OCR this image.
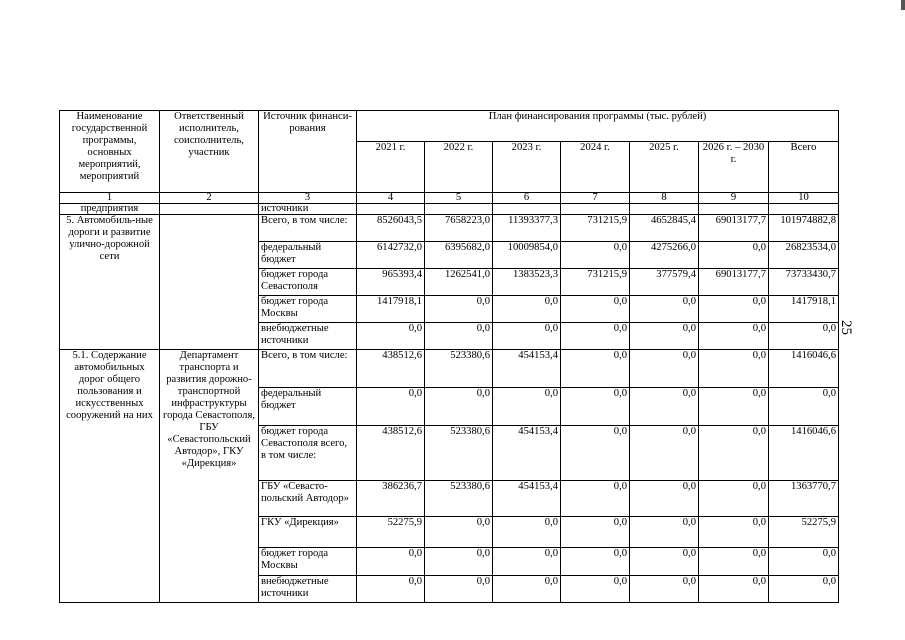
25
Наименование государственной программы, основных мероприятий, мероприятий	Ответственный исполнитель, соисполнитель, участник	Источник финанси-рования	План финансирования программы (тыс. рублей)						
			2021 г.	2022 г.	2023 г.	2024 г.	2025 г.	2026 г. – 2030 г.	Всего
1	2	3	4	5	6	7	8	9	10
предприятия		источники							
5. Автомобиль-ные дороги и развитие улично-дорожной сети		Всего, в том числе:	8526043,5	7658223,0	11393377,3	731215,9	4652845,4	69013177,7	101974882,8
		федеральный бюджет	6142732,0	6395682,0	10009854,0	0,0	4275266,0	0,0	26823534,0
		бюджет города Севастополя	965393,4	1262541,0	1383523,3	731215,9	377579,4	69013177,7	73733430,7
		бюджет города Москвы	1417918,1	0,0	0,0	0,0	0,0	0,0	1417918,1
		внебюджетные источники	0,0	0,0	0,0	0,0	0,0	0,0	0,0
5.1. Содержание автомобильных дорог общего пользования и искусственных сооружений на них	Департамент транспорта и развития дорожно-транспортной инфраструктуры города Севастополя, ГБУ «Севастопольский Автодор», ГКУ «Дирекция»	Всего, в том числе:	438512,6	523380,6	454153,4	0,0	0,0	0,0	1416046,6
		федеральный бюджет	0,0	0,0	0,0	0,0	0,0	0,0	0,0
		бюджет города Севастополя всего, в том числе:	438512,6	523380,6	454153,4	0,0	0,0	0,0	1416046,6
		ГБУ «Севасто-польский Автодор»	386236,7	523380,6	454153,4	0,0	0,0	0,0	1363770,7
		ГКУ «Дирекция»	52275,9	0,0	0,0	0,0	0,0	0,0	52275,9
		бюджет города Москвы	0,0	0,0	0,0	0,0	0,0	0,0	0,0
		внебюджетные источники	0,0	0,0	0,0	0,0	0,0	0,0	0,0
